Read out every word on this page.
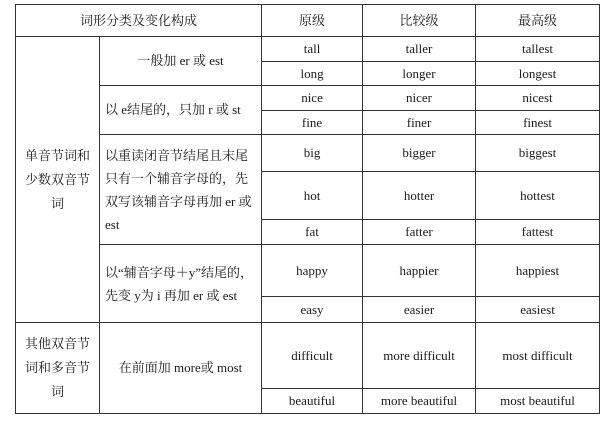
词形分类及变化构成		原级	比较级	最高级
单音节词和少数双音节词	一般加 er 或 est	tall	taller	tallest
		long	longer	longest
	以 e结尾的，只加 r 或 st	nice	nicer	nicest
		fine	finer	finest
	以重读闭音节结尾且末尾只有一个辅音字母的，先双写该辅音字母再加 er 或 est	big	bigger	biggest
		hot	hotter	hottest
		fat	fatter	fattest
	以“辅音字母＋y”结尾的，先变 y为 i 再加 er 或 est	happy	happier	happiest
		easy	easier	easiest
其他双音节词和多音节词	在前面加 more或 most	difficult	more difficult	most difficult
		beautiful	more beautiful	most beautiful
